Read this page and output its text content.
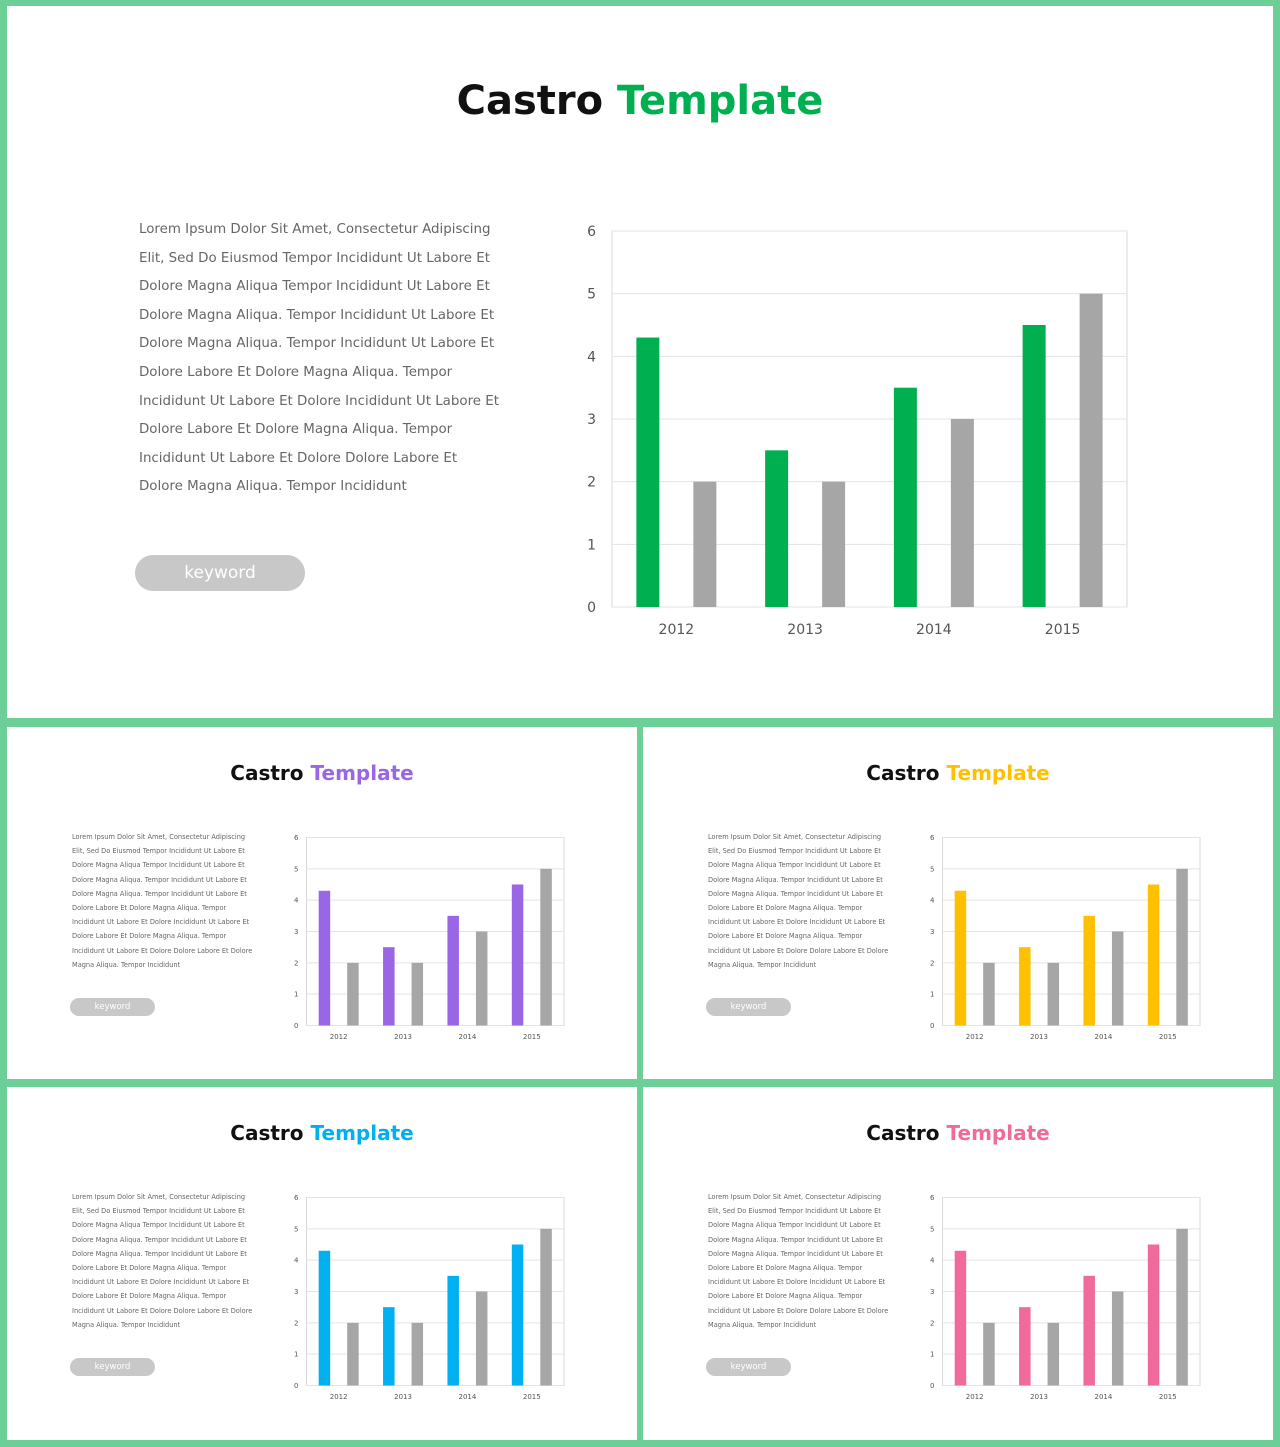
Castro Template
Lorem Ipsum Dolor Sit Amet, Consectetur Adipiscing Elit, Sed Do Eiusmod Tempor Incididunt Ut Labore Et Dolore Magna Aliqua Tempor Incididunt Ut Labore Et Dolore Magna Aliqua. Tempor Incididunt Ut Labore Et Dolore Magna Aliqua. Tempor Incididunt Ut Labore Et Dolore Labore Et Dolore Magna Aliqua. Tempor Incididunt Ut Labore Et Dolore Incididunt Ut Labore Et Dolore Labore Et Dolore Magna Aliqua. Tempor Incididunt Ut Labore Et Dolore Dolore Labore Et Dolore Magna Aliqua. Tempor Incididunt
keyword
0
1
2
3
4
5
6
2012	2013	2014	2015
Castro Template
Lorem Ipsum Dolor Sit Amet, Consectetur Adipiscing Elit, Sed Do Eiusmod Tempor Incididunt Ut Labore Et Dolore Magna Aliqua Tempor Incididunt Ut Labore Et Dolore Magna Aliqua. Tempor Incididunt Ut Labore Et Dolore Magna Aliqua. Tempor Incididunt Ut Labore Et Dolore Labore Et Dolore Magna Aliqua. Tempor Incididunt Ut Labore Et Dolore Incididunt Ut Labore Et Dolore Labore Et Dolore Magna Aliqua. Tempor Incididunt Ut Labore Et Dolore Dolore Labore Et Dolore Magna Aliqua. Tempor Incididunt
keyword
0
1
2
3
4
5
6
2012	2013	2014	2015
Castro Template
Lorem Ipsum Dolor Sit Amet, Consectetur Adipiscing Elit, Sed Do Eiusmod Tempor Incididunt Ut Labore Et Dolore Magna Aliqua Tempor Incididunt Ut Labore Et Dolore Magna Aliqua. Tempor Incididunt Ut Labore Et Dolore Magna Aliqua. Tempor Incididunt Ut Labore Et Dolore Labore Et Dolore Magna Aliqua. Tempor Incididunt Ut Labore Et Dolore Incididunt Ut Labore Et Dolore Labore Et Dolore Magna Aliqua. Tempor Incididunt Ut Labore Et Dolore Dolore Labore Et Dolore Magna Aliqua. Tempor Incididunt
keyword
0
1
2
3
4
5
6
2012	2013	2014	2015
Castro Template
Lorem Ipsum Dolor Sit Amet, Consectetur Adipiscing Elit, Sed Do Eiusmod Tempor Incididunt Ut Labore Et Dolore Magna Aliqua Tempor Incididunt Ut Labore Et Dolore Magna Aliqua. Tempor Incididunt Ut Labore Et Dolore Magna Aliqua. Tempor Incididunt Ut Labore Et Dolore Labore Et Dolore Magna Aliqua. Tempor Incididunt Ut Labore Et Dolore Incididunt Ut Labore Et Dolore Labore Et Dolore Magna Aliqua. Tempor Incididunt Ut Labore Et Dolore Dolore Labore Et Dolore Magna Aliqua. Tempor Incididunt
keyword
0
1
2
3
4
5
6
2012	2013	2014	2015
Castro Template
Lorem Ipsum Dolor Sit Amet, Consectetur Adipiscing Elit, Sed Do Eiusmod Tempor Incididunt Ut Labore Et Dolore Magna Aliqua Tempor Incididunt Ut Labore Et Dolore Magna Aliqua. Tempor Incididunt Ut Labore Et Dolore Magna Aliqua. Tempor Incididunt Ut Labore Et Dolore Labore Et Dolore Magna Aliqua. Tempor Incididunt Ut Labore Et Dolore Incididunt Ut Labore Et Dolore Labore Et Dolore Magna Aliqua. Tempor Incididunt Ut Labore Et Dolore Dolore Labore Et Dolore Magna Aliqua. Tempor Incididunt
keyword
0
1
2
3
4
5
6
2012	2013	2014	2015
